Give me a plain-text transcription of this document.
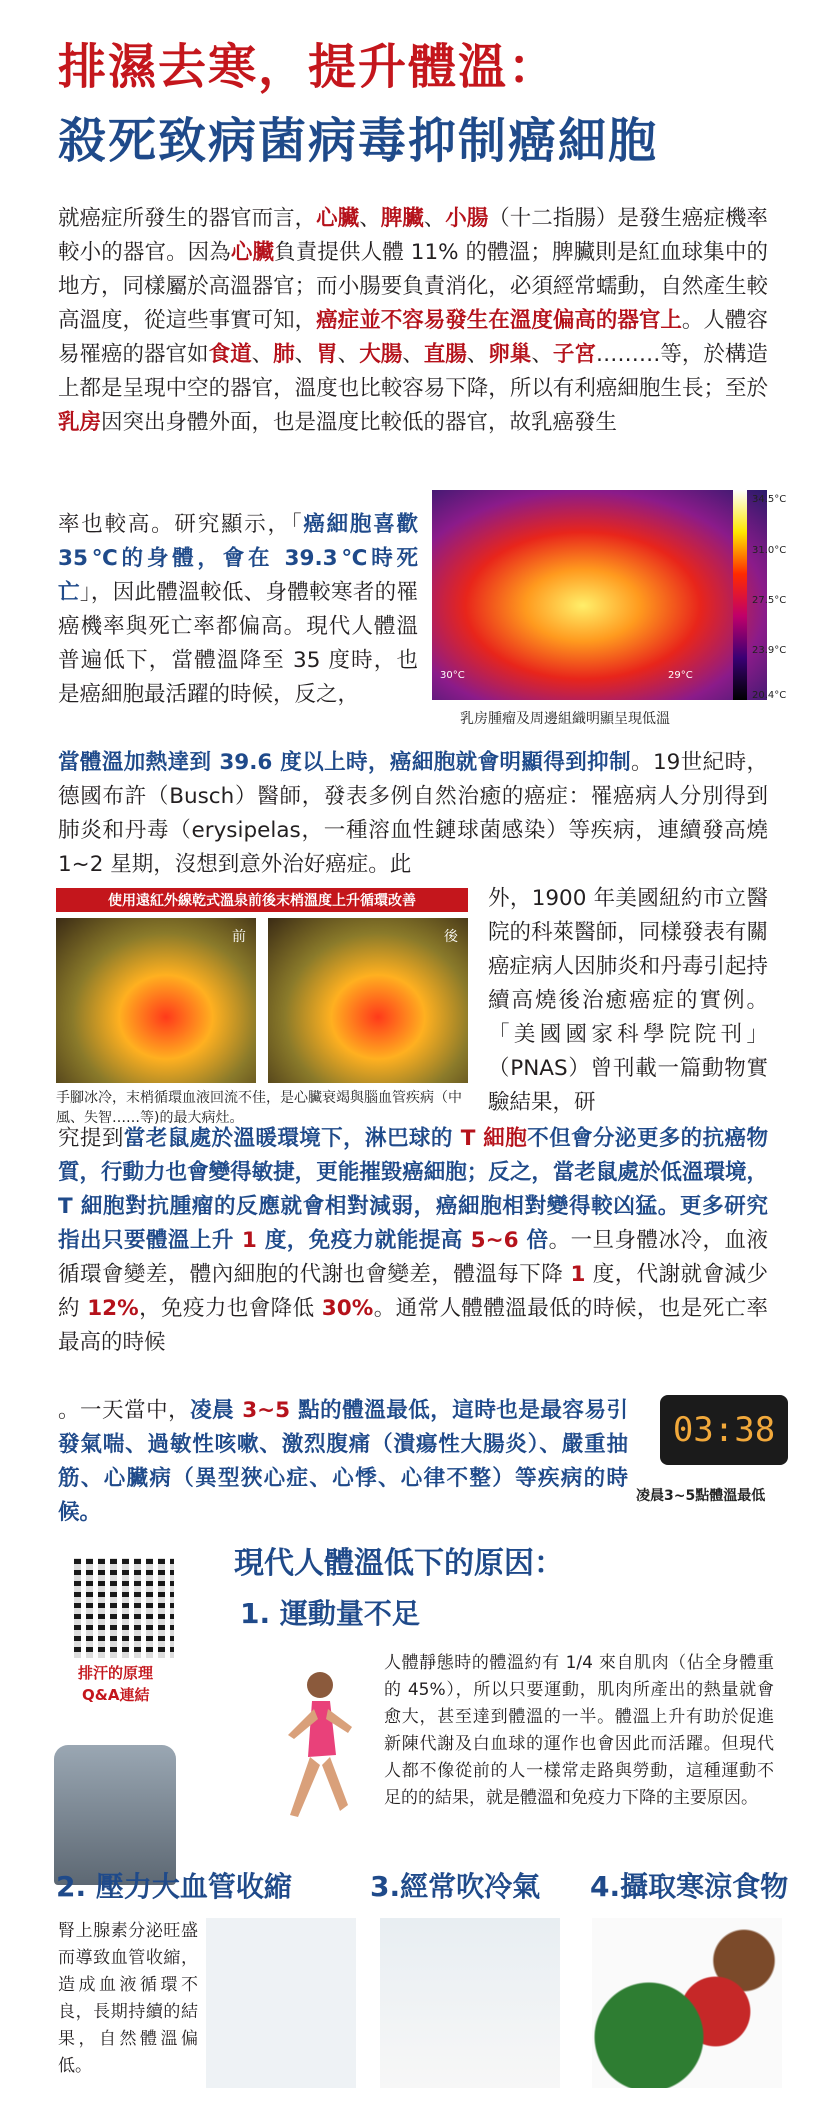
排濕去寒，提升體溫：
殺死致病菌病毒抑制癌細胞

就癌症所發生的器官而言，心臟、脾臟、小腸（十二指腸）是發生癌症機率較小的器官。因為心臟負責提供人體 11% 的體溫；脾臟則是紅血球集中的地方，同樣屬於高溫器官；而小腸要負責消化，必須經常蠕動，自然產生較高溫度，從這些事實可知，癌症並不容易發生在溫度偏高的器官上。人體容易罹癌的器官如食道、肺、胃、大腸、直腸、卵巢、子宮………等，於構造上都是呈現中空的器官，溫度也比較容易下降，所以有利癌細胞生長；至於乳房因突出身體外面，也是溫度比較低的器官，故乳癌發生

率也較高。研究顯示，「癌細胞喜歡 35℃的身體，會在 39.3℃時死亡」，因此體溫較低、身體較寒者的罹癌機率與死亡率都偏高。現代人體溫普遍低下，當體溫降至 35 度時，也是癌細胞最活躍的時候，反之，

當體溫加熱達到 39.6 度以上時，癌細胞就會明顯得到抑制。19世紀時，德國布許（Busch）醫師，發表多例自然治癒的癌症：罹癌病人分別得到肺炎和丹毒（erysipelas，一種溶血性鏈球菌感染）等疾病，連續發高燒 1~2 星期，沒想到意外治好癌症。此

外，1900 年美國紐約市立醫院的科萊醫師，同樣發表有關癌症病人因肺炎和丹毒引起持續高燒後治癒癌症的實例。「美國國家科學院院刊」（PNAS）曾刊載一篇動物實驗結果，研

究提到當老鼠處於溫暖環境下，淋巴球的 T 細胞不但會分泌更多的抗癌物質，行動力也會變得敏捷，更能摧毀癌細胞；反之，當老鼠處於低溫環境，T 細胞對抗腫瘤的反應就會相對減弱，癌細胞相對變得較凶猛。更多研究指出只要體溫上升 1 度，免疫力就能提高 5~6 倍。一旦身體冰冷，血液循環會變差，體內細胞的代謝也會變差，體溫每下降 1 度，代謝就會減少約 12%，免疫力也會降低 30%。通常人體體溫最低的時候，也是死亡率最高的時候

。一天當中，凌晨 3~5 點的體溫最低，這時也是最容易引發氣喘、過敏性咳嗽、激烈腹痛（潰瘍性大腸炎）、嚴重抽筋、心臟病（異型狹心症、心悸、心律不整）等疾病的時候。

34.5°C
31.0°C
27.5°C
23.9°C
20.4°C
30°C	29°C
乳房腫瘤及周邊組織明顯呈現低溫
使用遠紅外線乾式溫泉前後末梢溫度上升循環改善
前	後

手腳冰冷，末梢循環血液回流不佳，是心臟衰竭與腦血管疾病（中風、失智……等)的最大病灶。

03:38
凌晨3~5點體溫最低
排汗的原理
Q&A連結
現代人體溫低下的原因：
1. 運動量不足

人體靜態時的體溫約有 1/4 來自肌肉（佔全身體重的 45%），所以只要運動，肌肉所產出的熱量就會愈大，甚至達到體溫的一半。體溫上升有助於促進新陳代謝及白血球的運作也會因此而活躍。但現代人都不像從前的人一樣常走路與勞動，這種運動不足的的結果，就是體溫和免疫力下降的主要原因。

2. 壓力大血管收縮	3.經常吹冷氣 4.攝取寒涼食物

腎上腺素分泌旺盛而導致血管收縮，造成血液循環不良，長期持續的結果，自然體溫偏低。
